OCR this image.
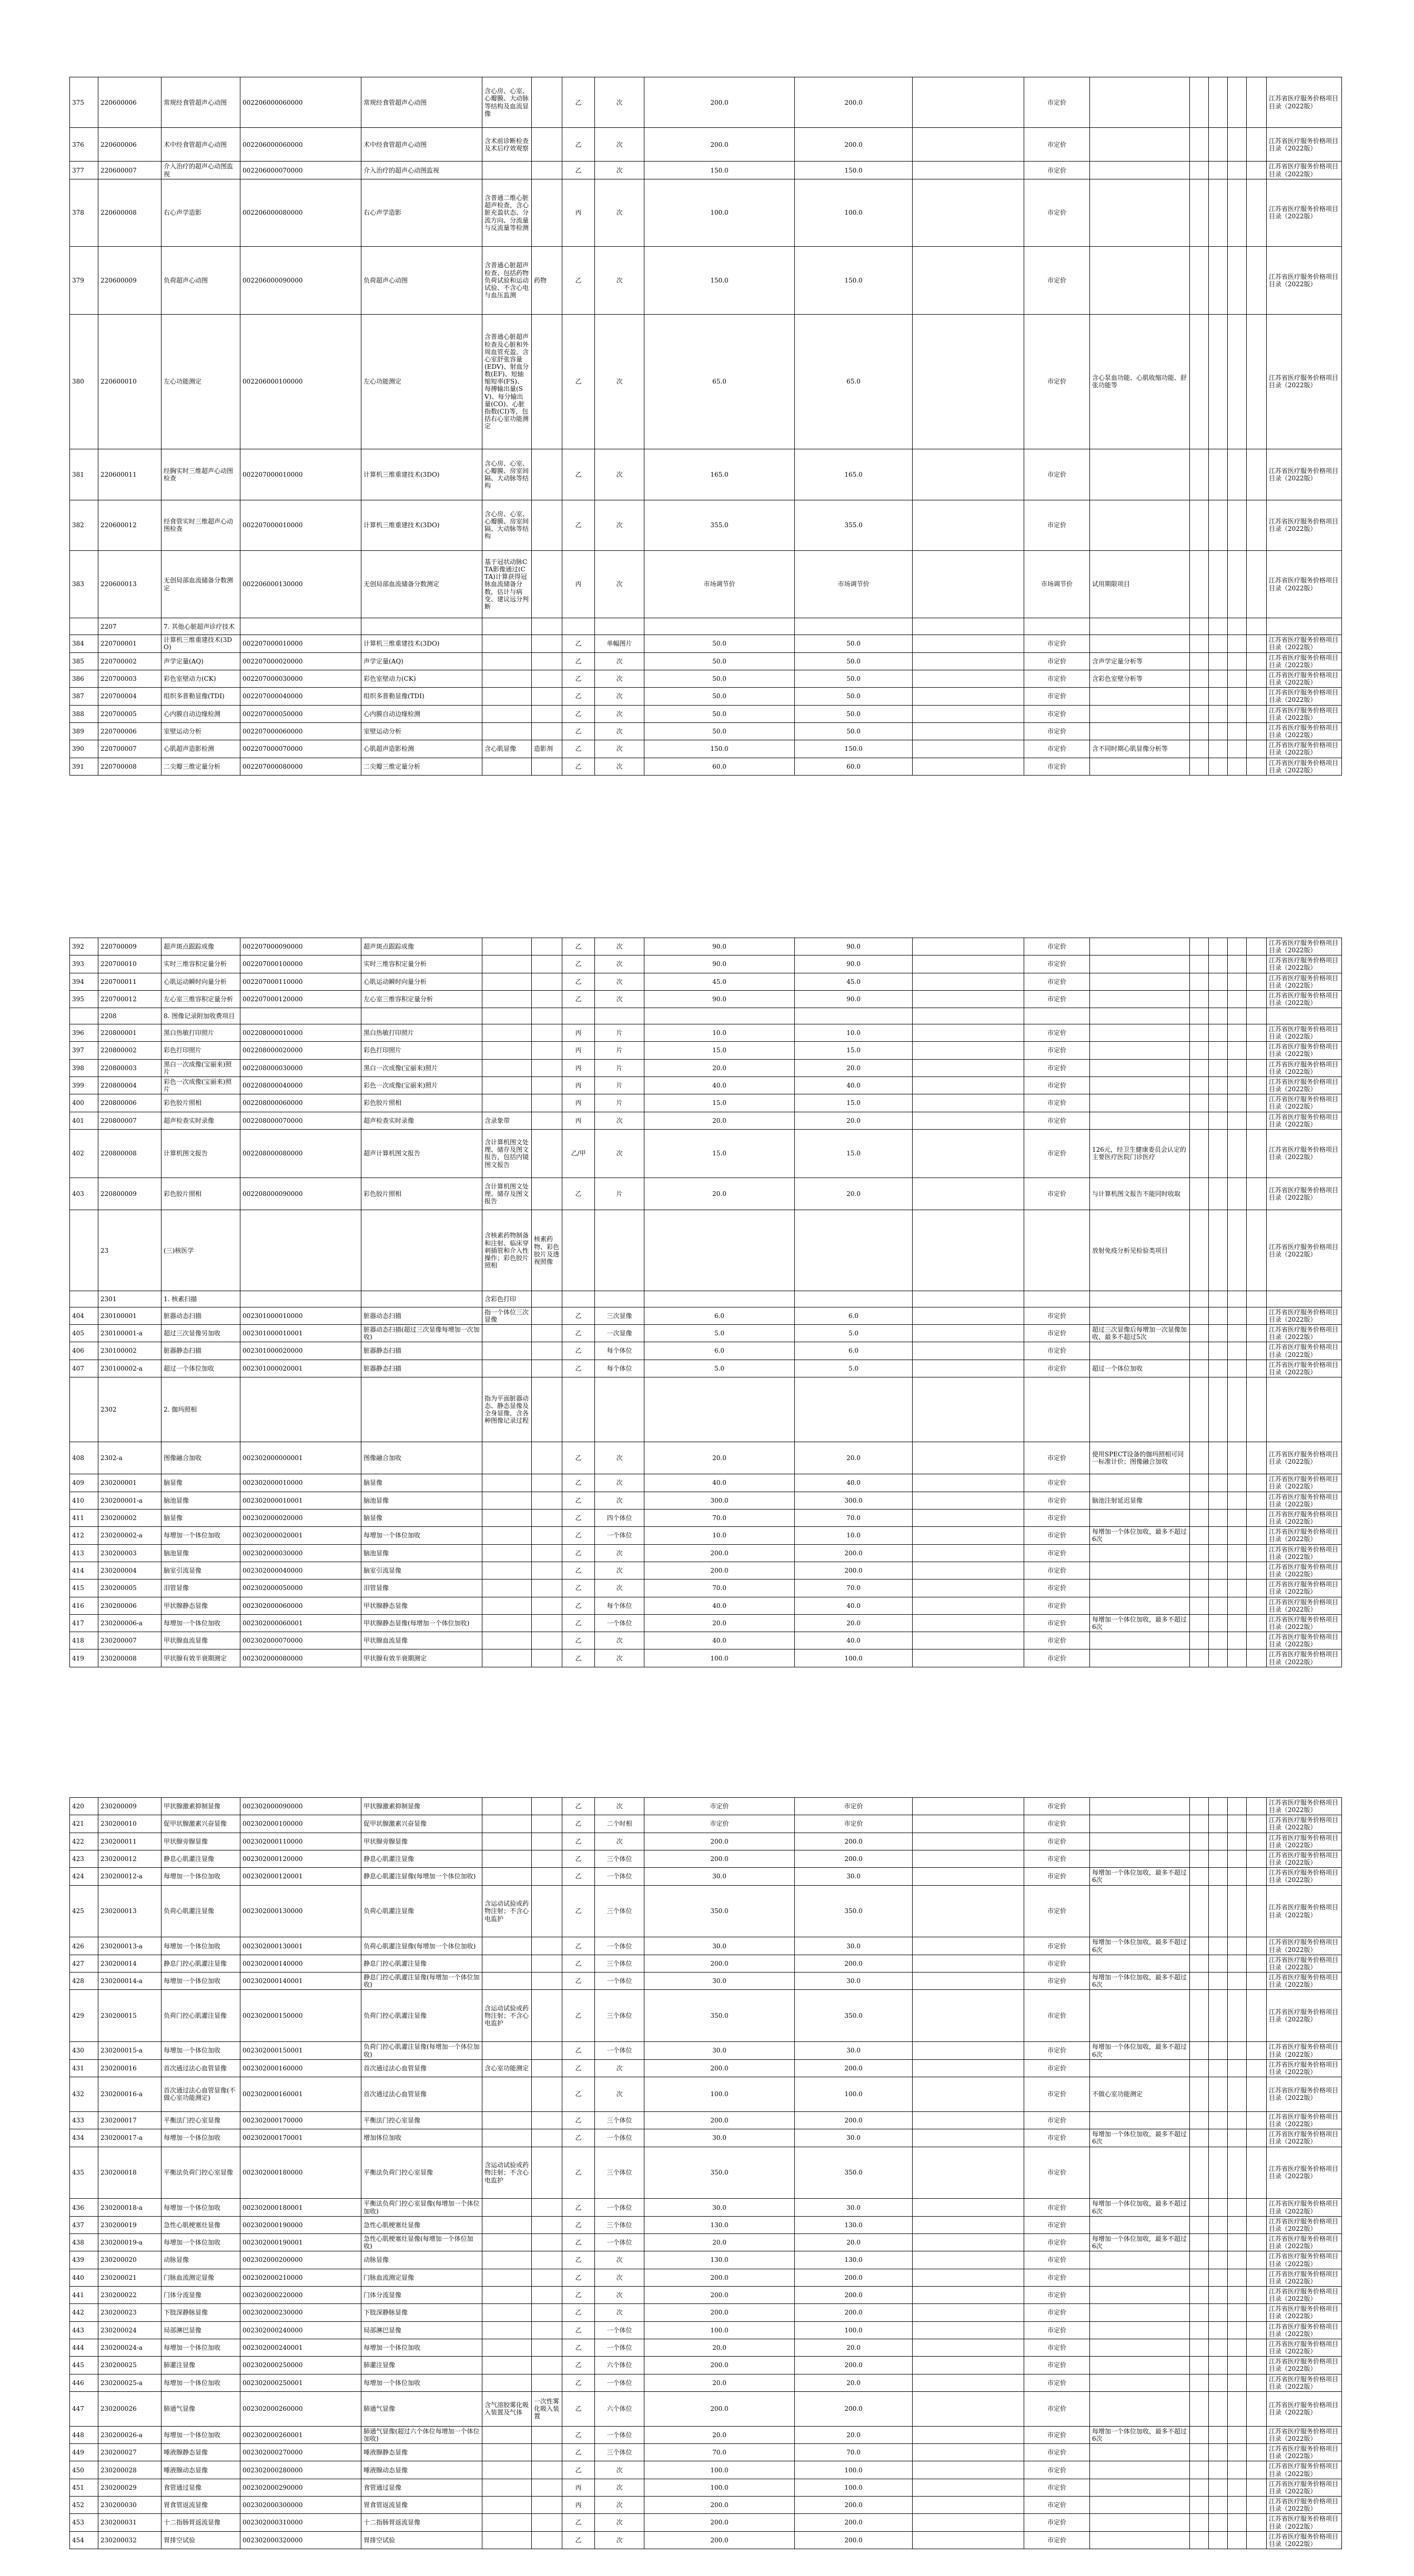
375	220600006	常规经食管超声心动图	002206000060000	常规经食管超声心动图	含心房、心室、心瓣膜、大动脉等结构及血流显像		乙	次	200.0	200.0		市定价						江苏省医疗服务价格项目目录（2022版）
376	220600006	术中经食管超声心动图	002206000060000	术中经食管超声心动图	含术前诊断检查及术后疗效观察		乙	次	200.0	200.0		市定价						江苏省医疗服务价格项目目录（2022版）
377	220600007	介入治疗的超声心动图监视	002206000070000	介入治疗的超声心动图监视			乙	次	150.0	150.0		市定价						江苏省医疗服务价格项目目录（2022版）
378	220600008	右心声学造影	002206000080000	右心声学造影	含普通二维心脏超声检查，含心脏充盈状态、分流方向、分流量与反流量等检测		丙	次	100.0	100.0		市定价						江苏省医疗服务价格项目目录（2022版）
379	220600009	负荷超声心动图	002206000090000	负荷超声心动图	含普通心脏超声检查、包括药物负荷试验和运动试验、不含心电与血压监测	药物	乙	次	150.0	150.0		市定价						江苏省医疗服务价格项目目录（2022版）
380	220600010	左心功能测定	002206000100000	左心功能测定	含普通心脏超声检查及心脏和外周血管充盈，含心室舒张容量(EDV)、射血分数(EF)、短轴缩短率(FS)、每搏输出量(SV)、每分输出量(CO)、心脏指数(CI)等，包括右心室功能测定		乙	次	65.0	65.0		市定价	含心泵血功能、心肌收缩功能、舒张功能等					江苏省医疗服务价格项目目录（2022版）
381	220600011	经胸实时三维超声心动图检查	002207000010000	计算机三维重建技术(3DO)	含心房、心室、心瓣膜、房室间隔、大动脉等结构		乙	次	165.0	165.0		市定价						江苏省医疗服务价格项目目录（2022版）
382	220600012	经食管实时三维超声心动图检查	002207000010000	计算机三维重建技术(3DO)	含心房、心室、心瓣膜、房室间隔、大动脉等结构		乙	次	355.0	355.0		市定价						江苏省医疗服务价格项目目录（2022版）
383	220600013	无创局部血流储备分数测定	002206000130000	无创局部血流储备分数测定	基于冠状动脉CTA影像通过(CTA)计算获得冠脉血流储备分数，估计与病变、建议远分判断		丙	次	市场调节价	市场调节价		市场调节价	试用期限项目					江苏省医疗服务价格项目目录（2022版）
	2207	7. 其他心脏超声诊疗技术																
384	220700001	计算机三维重建技术(3DO)	002207000010000	计算机三维重建技术(3DO)			乙	单幅图片	50.0	50.0		市定价						江苏省医疗服务价格项目目录（2022版）
385	220700002	声学定量(AQ)	002207000020000	声学定量(AQ)			乙	次	50.0	50.0		市定价	含声学定量分析等					江苏省医疗服务价格项目目录（2022版）
386	220700003	彩色室壁动力(CK)	002207000030000	彩色室壁动力(CK)			乙	次	50.0	50.0		市定价	含彩色室壁分析等					江苏省医疗服务价格项目目录（2022版）
387	220700004	组织多普勒显像(TDI)	002207000040000	组织多普勒显像(TDI)			乙	次	50.0	50.0		市定价						江苏省医疗服务价格项目目录（2022版）
388	220700005	心内膜自动边缘检测	002207000050000	心内膜自动边缘检测			乙	次	50.0	50.0		市定价						江苏省医疗服务价格项目目录（2022版）
389	220700006	室壁运动分析	002207000060000	室壁运动分析			乙	次	50.0	50.0		市定价						江苏省医疗服务价格项目目录（2022版）
390	220700007	心肌超声造影检测	002207000070000	心肌超声造影检测	含心肌显像	造影剂	乙	次	150.0	150.0		市定价	含不同时期心肌显像分析等					江苏省医疗服务价格项目目录（2022版）
391	220700008	二尖瓣三维定量分析	002207000080000	二尖瓣三维定量分析			乙	次	60.0	60.0		市定价						江苏省医疗服务价格项目目录（2022版）
392	220700009	超声斑点跟踪成像	002207000090000	超声斑点跟踪成像			乙	次	90.0	90.0		市定价						江苏省医疗服务价格项目目录（2022版）
393	220700010	实时三维容积定量分析	002207000100000	实时三维容积定量分析			乙	次	90.0	90.0		市定价						江苏省医疗服务价格项目目录（2022版）
394	220700011	心肌运动瞬时向量分析	002207000110000	心肌运动瞬时向量分析			乙	次	45.0	45.0		市定价						江苏省医疗服务价格项目目录（2022版）
395	220700012	左心室三维容积定量分析	002207000120000	左心室三维容积定量分析			乙	次	90.0	90.0		市定价						江苏省医疗服务价格项目目录（2022版）
	2208	8. 图像记录附加收费项目																
396	220800001	黑白热敏打印照片	002208000010000	黑白热敏打印照片			丙	片	10.0	10.0		市定价						江苏省医疗服务价格项目目录（2022版）
397	220800002	彩色打印照片	002208000020000	彩色打印照片			丙	片	15.0	15.0		市定价						江苏省医疗服务价格项目目录（2022版）
398	220800003	黑白一次成像(宝丽来)照片	002208000030000	黑白一次成像(宝丽来)照片			丙	片	20.0	20.0		市定价						江苏省医疗服务价格项目目录（2022版）
399	220800004	彩色一次成像(宝丽来)照片	002208000040000	彩色一次成像(宝丽来)照片			丙	片	40.0	40.0		市定价						江苏省医疗服务价格项目目录（2022版）
400	220800006	彩色胶片照相	002208000060000	彩色胶片照相			丙	片	15.0	15.0		市定价						江苏省医疗服务价格项目目录（2022版）
401	220800007	超声检查实时录像	002208000070000	超声检查实时录像	含录象带		丙	次	20.0	20.0		市定价						江苏省医疗服务价格项目目录（2022版）
402	220800008	计算机图文报告	002208000080000	超声计算机图文报告	含计算机图文处理、储存及图文报告，包括内镜图文报告		乙/甲	次	15.0	15.0		市定价	126元，经卫生健康委员会认定的主要医疗医院门诊医疗					江苏省医疗服务价格项目目录（2022版）
403	220800009	彩色胶片照相	002208000090000	彩色胶片照相	含计算机图文处理、储存及图文报告		乙	片	20.0	20.0		市定价	与计算机图文报告不能同时收取					江苏省医疗服务价格项目目录（2022版）
	23	(三)核医学			含核素药物制备和注射、临床穿刺插管和介入性操作；彩色胶片照相	核素药物、彩色胶片及透视照像							放射免疫分析见检验类项目					江苏省医疗服务价格项目目录（2022版）
	2301	1. 核素扫描			含彩色打印													
404	230100001	脏器动态扫描	002301000010000	脏器动态扫描	指一个体位三次显像		乙	三次显像	6.0	6.0		市定价						江苏省医疗服务价格项目目录（2022版）
405	230100001-a	超过三次显像另加收	002301000010001	脏器动态扫描(超过三次显像每增加一次加收)			乙	一次显像	5.0	5.0		市定价	超过三次显像后每增加一次显像加收，最多不超过5次					江苏省医疗服务价格项目目录（2022版）
406	230100002	脏器静态扫描	002301000020000	脏器静态扫描			乙	每个体位	6.0	6.0		市定价						江苏省医疗服务价格项目目录（2022版）
407	230100002-a	超过一个体位加收	002301000020001	脏器静态扫描			乙	每个体位	5.0	5.0		市定价	超过一个体位加收					江苏省医疗服务价格项目目录（2022版）
	2302	2. 伽玛照相			指为平面脏器动态、静态显像及全身显像，含各种图像记录过程													
408	2302-a	图像融合加收	002302000000001	图像融合加收			乙	次	20.0	20.0		市定价	使用SPECT设备的伽玛照相可同一标准计价；图像融合加收					江苏省医疗服务价格项目目录（2022版）
409	230200001	脑显像	002302000010000	脑显像			乙	次	40.0	40.0		市定价						江苏省医疗服务价格项目目录（2022版）
410	230200001-a	脑池显像	002302000010001	脑池显像			乙	次	300.0	300.0		市定价	脑池注射延迟显像					江苏省医疗服务价格项目目录（2022版）
411	230200002	脑显像	002302000020000	脑显像			乙	四个体位	70.0	70.0		市定价						江苏省医疗服务价格项目目录（2022版）
412	230200002-a	每增加一个体位加收	002302000020001	每增加一个体位加收			乙	一个体位	10.0	10.0		市定价	每增加一个体位加收，最多不超过6次					江苏省医疗服务价格项目目录（2022版）
413	230200003	脑池显像	002302000030000	脑池显像			乙	次	200.0	200.0		市定价						江苏省医疗服务价格项目目录（2022版）
414	230200004	脑室引流显像	002302000040000	脑室引流显像			乙	次	200.0	200.0		市定价						江苏省医疗服务价格项目目录（2022版）
415	230200005	泪管显像	002302000050000	泪管显像			乙	次	70.0	70.0		市定价						江苏省医疗服务价格项目目录（2022版）
416	230200006	甲状腺静态显像	002302000060000	甲状腺静态显像			乙	每个体位	40.0	40.0		市定价						江苏省医疗服务价格项目目录（2022版）
417	230200006-a	每增加一个体位加收	002302000060001	甲状腺静态显像(每增加一个体位加收)			乙	一个体位	20.0	20.0		市定价	每增加一个体位加收，最多不超过6次					江苏省医疗服务价格项目目录（2022版）
418	230200007	甲状腺血流显像	002302000070000	甲状腺血流显像			乙	次	40.0	40.0		市定价						江苏省医疗服务价格项目目录（2022版）
419	230200008	甲状腺有效半衰期测定	002302000080000	甲状腺有效半衰期测定			乙	次	100.0	100.0		市定价						江苏省医疗服务价格项目目录（2022版）
420	230200009	甲状腺激素抑制显像	002302000090000	甲状腺激素抑制显像			乙	次	市定价	市定价		市定价						江苏省医疗服务价格项目目录（2022版）
421	230200010	促甲状腺激素兴奋显像	002302000100000	促甲状腺激素兴奋显像			乙	二个时相	市定价	市定价		市定价						江苏省医疗服务价格项目目录（2022版）
422	230200011	甲状腺旁腺显像	002302000110000	甲状腺旁腺显像			乙	次	200.0	200.0		市定价						江苏省医疗服务价格项目目录（2022版）
423	230200012	静息心肌灌注显像	002302000120000	静息心肌灌注显像			乙	三个体位	200.0	200.0		市定价						江苏省医疗服务价格项目目录（2022版）
424	230200012-a	每增加一个体位加收	002302000120001	静息心肌灌注显像(每增加一个体位加收)			乙	一个体位	30.0	30.0		市定价	每增加一个体位加收，最多不超过6次					江苏省医疗服务价格项目目录（2022版）
425	230200013	负荷心肌灌注显像	002302000130000	负荷心肌灌注显像	含运动试验或药物注射；不含心电监护		乙	三个体位	350.0	350.0		市定价						江苏省医疗服务价格项目目录（2022版）
426	230200013-a	每增加一个体位加收	002302000130001	负荷心肌灌注显像(每增加一个体位加收)			乙	一个体位	30.0	30.0		市定价	每增加一个体位加收，最多不超过6次					江苏省医疗服务价格项目目录（2022版）
427	230200014	静息门控心肌灌注显像	002302000140000	静息门控心肌灌注显像			乙	三个体位	200.0	200.0		市定价						江苏省医疗服务价格项目目录（2022版）
428	230200014-a	每增加一个体位加收	002302000140001	静息门控心肌灌注显像(每增加一个体位加收)			乙	一个体位	30.0	30.0		市定价	每增加一个体位加收，最多不超过6次					江苏省医疗服务价格项目目录（2022版）
429	230200015	负荷门控心肌灌注显像	002302000150000	负荷门控心肌灌注显像	含运动试验或药物注射；不含心电监护		乙	三个体位	350.0	350.0		市定价						江苏省医疗服务价格项目目录（2022版）
430	230200015-a	每增加一个体位加收	002302000150001	负荷门控心肌灌注显像(每增加一个体位加收)			乙	一个体位	30.0	30.0		市定价	每增加一个体位加收，最多不超过6次					江苏省医疗服务价格项目目录（2022版）
431	230200016	首次通过法心血管显像	002302000160000	首次通过法心血管显像	含心室功能测定		乙	次	200.0	200.0		市定价						江苏省医疗服务价格项目目录（2022版）
432	230200016-a	首次通过法心血管显像(不做心室功能测定)	002302000160001	首次通过法心血管显像			乙	次	100.0	100.0		市定价	不做心室功能测定					江苏省医疗服务价格项目目录（2022版）
433	230200017	平衡法门控心室显像	002302000170000	平衡法门控心室显像			乙	三个体位	200.0	200.0		市定价						江苏省医疗服务价格项目目录（2022版）
434	230200017-a	每增加一个体位加收	002302000170001	增加体位加收			乙	一个体位	30.0	30.0		市定价	每增加一个体位加收，最多不超过6次					江苏省医疗服务价格项目目录（2022版）
435	230200018	平衡法负荷门控心室显像	002302000180000	平衡法负荷门控心室显像	含运动试验或药物注射；不含心电监护		乙	三个体位	350.0	350.0		市定价						江苏省医疗服务价格项目目录（2022版）
436	230200018-a	每增加一个体位加收	002302000180001	平衡法负荷门控心室显像(每增加一个体位加收)			乙	一个体位	30.0	30.0		市定价	每增加一个体位加收，最多不超过6次					江苏省医疗服务价格项目目录（2022版）
437	230200019	急性心肌梗塞灶显像	002302000190000	急性心肌梗塞灶显像			乙	三个体位	130.0	130.0		市定价						江苏省医疗服务价格项目目录（2022版）
438	230200019-a	每增加一个体位加收	002302000190001	急性心肌梗塞灶显像(每增加一个体位加收)			乙	一个体位	20.0	20.0		市定价	每增加一个体位加收，最多不超过6次					江苏省医疗服务价格项目目录（2022版）
439	230200020	动脉显像	002302000200000	动脉显像			乙	次	130.0	130.0		市定价						江苏省医疗服务价格项目目录（2022版）
440	230200021	门脉血流测定显像	002302000210000	门脉血流测定显像			乙	次	200.0	200.0		市定价						江苏省医疗服务价格项目目录（2022版）
441	230200022	门体分流显像	002302000220000	门体分流显像			乙	次	200.0	200.0		市定价						江苏省医疗服务价格项目目录（2022版）
442	230200023	下肢深静脉显像	002302000230000	下肢深静脉显像			乙	次	200.0	200.0		市定价						江苏省医疗服务价格项目目录（2022版）
443	230200024	局部淋巴显像	002302000240000	局部淋巴显像			乙	一个体位	100.0	100.0		市定价						江苏省医疗服务价格项目目录（2022版）
444	230200024-a	每增加一个体位加收	002302000240001	每增加一个体位加收			乙	一个体位	20.0	20.0		市定价						江苏省医疗服务价格项目目录（2022版）
445	230200025	肺灌注显像	002302000250000	肺灌注显像			乙	六个体位	200.0	200.0		市定价						江苏省医疗服务价格项目目录（2022版）
446	230200025-a	每增加一个体位加收	002302000250001	每增加一个体位加收			乙	一个体位	20.0	20.0		市定价						江苏省医疗服务价格项目目录（2022版）
447	230200026	肺通气显像	002302000260000	肺通气显像	含气溶胶雾化吸入装置及气体	一次性雾化吸入装置	乙	六个体位	200.0	200.0		市定价						江苏省医疗服务价格项目目录（2022版）
448	230200026-a	每增加一个体位加收	002302000260001	肺通气显像(超过六个体位每增加一个体位加收)			乙	一个体位	20.0	20.0		市定价	每增加一个体位加收，最多不超过6次					江苏省医疗服务价格项目目录（2022版）
449	230200027	唾液腺静态显像	002302000270000	唾液腺静态显像			乙	三个体位	70.0	70.0		市定价						江苏省医疗服务价格项目目录（2022版）
450	230200028	唾液腺动态显像	002302000280000	唾液腺动态显像			乙	次	100.0	100.0		市定价						江苏省医疗服务价格项目目录（2022版）
451	230200029	食管通过显像	002302000290000	食管通过显像			丙	次	100.0	100.0		市定价						江苏省医疗服务价格项目目录（2022版）
452	230200030	胃食管返流显像	002302000300000	胃食管返流显像			丙	次	200.0	200.0		市定价						江苏省医疗服务价格项目目录（2022版）
453	230200031	十二指肠胃返流显像	002302000310000	十二指肠胃返流显像			乙	次	200.0	200.0		市定价						江苏省医疗服务价格项目目录（2022版）
454	230200032	胃排空试验	002302000320000	胃排空试验			乙	次	200.0	200.0		市定价						江苏省医疗服务价格项目目录（2022版）
